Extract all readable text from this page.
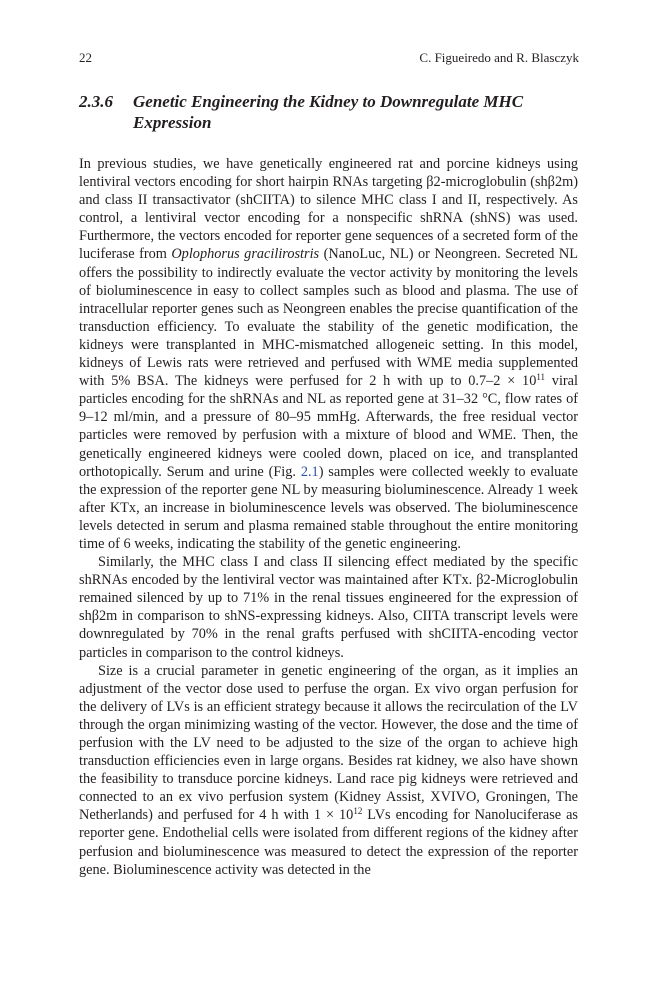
22	C. Figueiredo and R. Blasczyk
2.3.6 Genetic Engineering the Kidney to Downregulate MHC Expression

In previous studies, we have genetically engineered rat and porcine kidneys using lentiviral vectors encoding for short hairpin RNAs targeting β2-microglobulin (shβ2m) and class II transactivator (shCIITA) to silence MHC class I and II, respectively. As control, a lentiviral vector encoding for a nonspecific shRNA (shNS) was used. Furthermore, the vectors encoded for reporter gene sequences of a secreted form of the luciferase from Oplophorus gracilirostris (NanoLuc, NL) or Neongreen. Secreted NL offers the possibility to indirectly evaluate the vector activity by monitoring the levels of bioluminescence in easy to collect samples such as blood and plasma. The use of intracellular reporter genes such as Neongreen enables the precise quantification of the transduction efficiency. To evaluate the stability of the genetic modification, the kidneys were transplanted in MHC-mismatched allogeneic setting. In this model, kidneys of Lewis rats were retrieved and perfused with WME media supplemented with 5% BSA. The kidneys were perfused for 2 h with up to $0.7-2 \times 10^{11}$ viral particles encoding for the shRNAs and NL as reported gene at 31–32 °C, flow rates of 9–12 ml/min, and a pressure of 80–95 mmHg. Afterwards, the free residual vector particles were removed by perfusion with a mixture of blood and WME. Then, the genetically engineered kidneys were cooled down, placed on ice, and transplanted orthotopically. Serum and urine (Fig. 2.1) samples were collected weekly to evaluate the expression of the reporter gene NL by measuring bioluminescence. Already 1 week after KTx, an increase in bioluminescence levels was observed. The bioluminescence levels detected in serum and plasma remained stable throughout the entire monitoring time of 6 weeks, indicating the stability of the genetic engineering.

Similarly, the MHC class I and class II silencing effect mediated by the specific shRNAs encoded by the lentiviral vector was maintained after KTx. β2-Microglobulin remained silenced by up to 71% in the renal tissues engineered for the expression of shβ2m in comparison to shNS-expressing kidneys. Also, CIITA transcript levels were downregulated by 70% in the renal grafts perfused with shCIITA-encoding vector particles in comparison to the control kidneys.

Size is a crucial parameter in genetic engineering of the organ, as it implies an adjustment of the vector dose used to perfuse the organ. Ex vivo organ perfusion for the delivery of LVs is an efficient strategy because it allows the recirculation of the LV through the organ minimizing wasting of the vector. However, the dose and the time of perfusion with the LV need to be adjusted to the size of the organ to achieve high transduction efficiencies even in large organs. Besides rat kidney, we also have shown the feasibility to transduce porcine kidneys. Land race pig kidneys were retrieved and connected to an ex vivo perfusion system (Kidney Assist, XVIVO, Groningen, The Netherlands) and perfused for 4 h with $1 \times 10^{12}$ LVs encoding for Nanoluciferase as reporter gene. Endothelial cells were isolated from different regions of the kidney after perfusion and bioluminescence was measured to detect the expression of the reporter gene. Bioluminescence activity was detected in the
